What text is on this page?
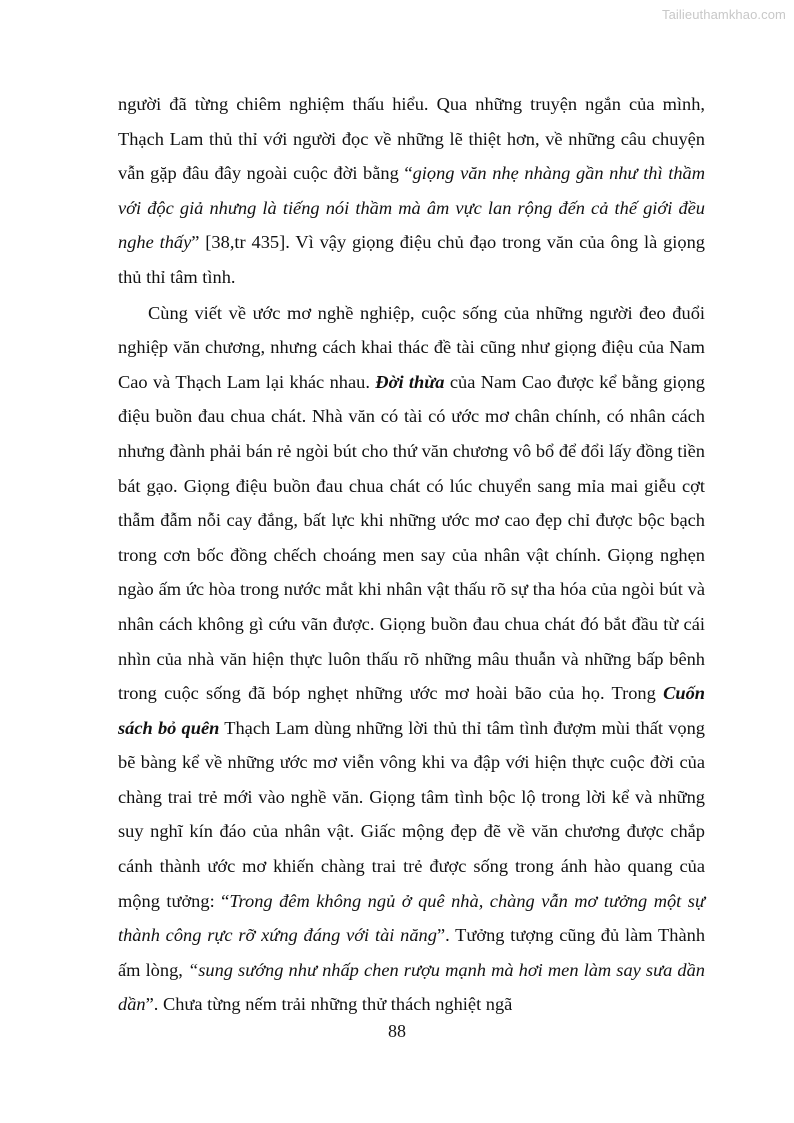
Tailieuthamkhao.com

người đã từng chiêm nghiệm thấu hiểu. Qua những truyện ngắn của mình, Thạch Lam thủ thỉ với người đọc về những lẽ thiệt hơn, về những câu chuyện vẫn gặp đâu đây ngoài cuộc đời bằng “giọng văn nhẹ nhàng gần như thì thầm với độc giả nhưng là tiếng nói thầm mà âm vực lan rộng đến cả thế giới đều nghe thấy” [38,tr 435]. Vì vậy giọng điệu chủ đạo trong văn của ông là giọng thủ thỉ tâm tình.

Cùng viết về ước mơ nghề nghiệp, cuộc sống của những người đeo đuổi nghiệp văn chương, nhưng cách khai thác đề tài cũng như giọng điệu của Nam Cao và Thạch Lam lại khác nhau. Đời thừa của Nam Cao được kể bằng giọng điệu buồn đau chua chát. Nhà văn có tài có ước mơ chân chính, có nhân cách nhưng đành phải bán rẻ ngòi bút cho thứ văn chương vô bổ để đổi lấy đồng tiền bát gạo. Giọng điệu buồn đau chua chát có lúc chuyển sang mỉa mai giễu cợt thẫm đẫm nỗi cay đắng, bất lực khi những ước mơ cao đẹp chỉ được bộc bạch trong cơn bốc đồng chếch choáng men say của nhân vật chính. Giọng nghẹn ngào ấm ức hòa trong nước mắt khi nhân vật thấu rõ sự tha hóa của ngòi bút và nhân cách không gì cứu vãn được. Giọng buồn đau chua chát đó bắt đầu từ cái nhìn của nhà văn hiện thực luôn thấu rõ những mâu thuẫn và những bấp bênh trong cuộc sống đã bóp nghẹt những ước mơ hoài bão của họ. Trong Cuốn sách bỏ quên Thạch Lam dùng những lời thủ thỉ tâm tình đượm mùi thất vọng bẽ bàng kể về những ước mơ viễn vông khi va đập với hiện thực cuộc đời của chàng trai trẻ mới vào nghề văn. Giọng tâm tình bộc lộ trong lời kể và những suy nghĩ kín đáo của nhân vật. Giấc mộng đẹp đẽ về văn chương được chắp cánh thành ước mơ khiến chàng trai trẻ được sống trong ánh hào quang của mộng tưởng: “Trong đêm không ngủ ở quê nhà, chàng vẫn mơ tưởng một sự thành công rực rỡ xứng đáng với tài năng”. Tưởng tượng cũng đủ làm Thành ấm lòng, “sung sướng như nhấp chen rượu mạnh mà hơi men làm say sưa dần dần”. Chưa từng nếm trải những thử thách nghiệt ngã

88
